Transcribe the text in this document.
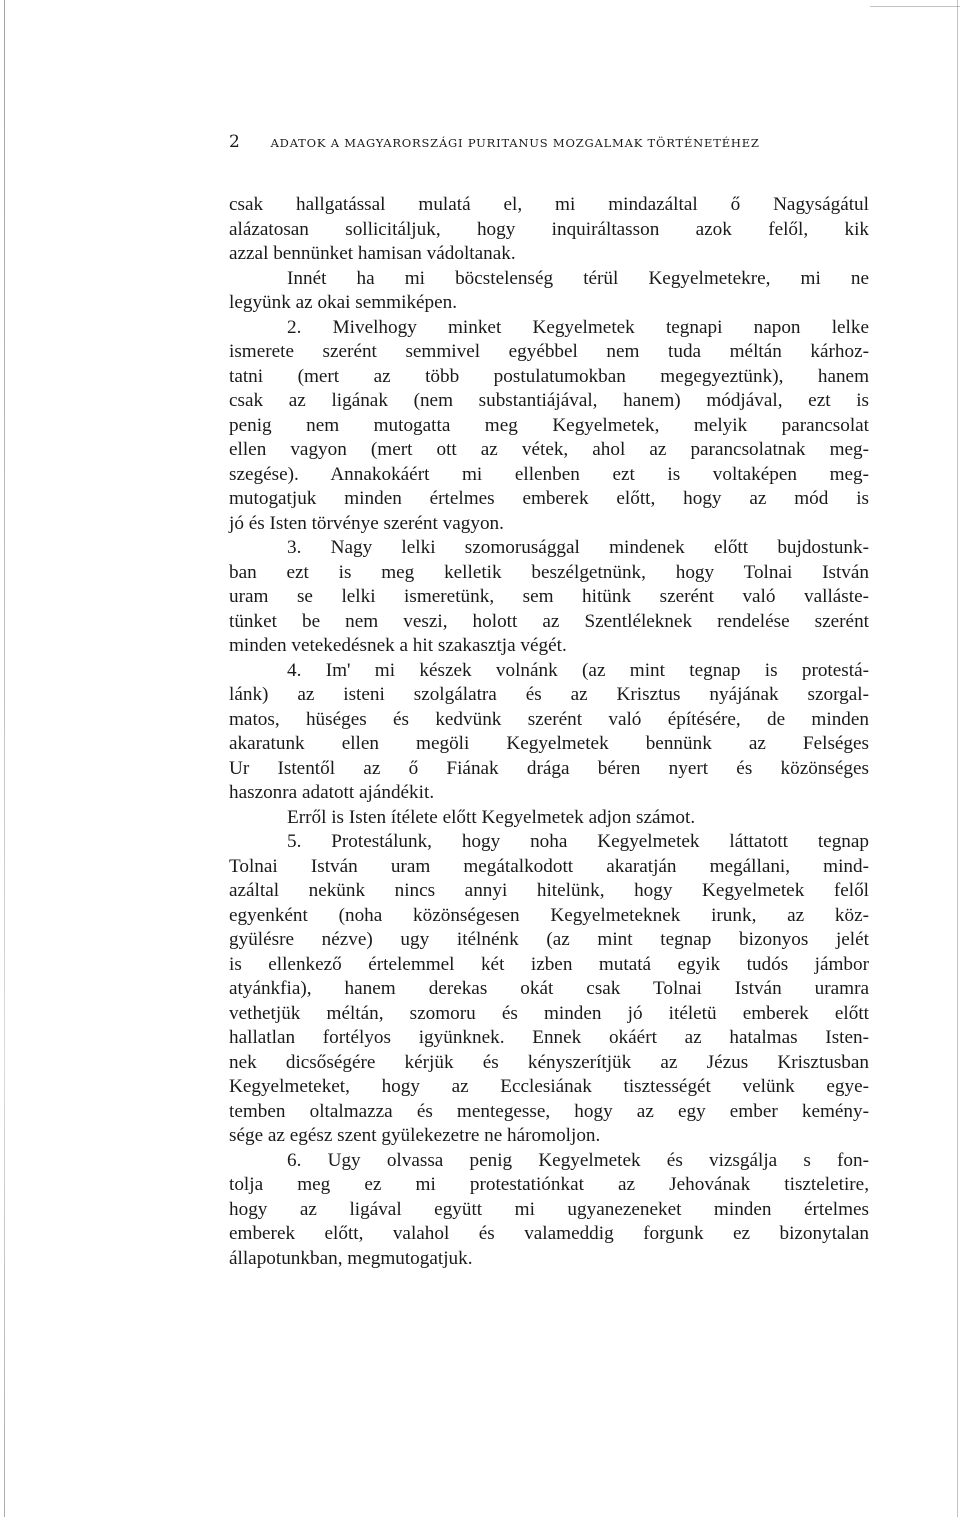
2	ADATOK A MAGYARORSZÁGI PURITANUS MOZGALMAK TÖRTÉNETÉHEZ
csak hallgatással mulatá el, mi mindazáltal ő Nagyságátul
alázatosan sollicitáljuk, hogy inquiráltasson azok felől, kik
azzal bennünket hamisan vádoltanak.
Innét ha mi böcstelenség térül Kegyelmetekre, mi ne
legyünk az okai semmiképen.
2. Mivelhogy minket Kegyelmetek tegnapi napon lelke
ismerete szerént semmivel egyébbel nem tuda méltán kárhoz-
tatni (mert az több postulatumokban megegyeztünk), hanem
csak az ligának (nem substantiájával, hanem) módjával, ezt is
penig nem mutogatta meg Kegyelmetek, melyik parancsolat
ellen vagyon (mert ott az vétek, ahol az parancsolatnak meg-
szegése). Annakokáért mi ellenben ezt is voltaképen meg-
mutogatjuk minden értelmes emberek előtt, hogy az mód is
jó és Isten törvénye szerént vagyon.
3. Nagy lelki szomorusággal mindenek előtt bujdostunk-
ban ezt is meg kelletik beszélgetnünk, hogy Tolnai István
uram se lelki ismeretünk, sem hitünk szerént való valláste-
tünket be nem veszi, holott az Szentléleknek rendelése szerént
minden vetekedésnek a hit szakasztja végét.
4. Im' mi készek volnánk (az mint tegnap is protestá-
lánk) az isteni szolgálatra és az Krisztus nyájának szorgal-
matos, hüséges és kedvünk szerént való építésére, de minden
akaratunk ellen megöli Kegyelmetek bennünk az Felséges
Ur Istentől az ő Fiának drága béren nyert és közönséges
haszonra adatott ajándékit.
Erről is Isten ítélete előtt Kegyelmetek adjon számot.
5. Protestálunk, hogy noha Kegyelmetek láttatott tegnap
Tolnai István uram megátalkodott akaratján megállani, mind-
azáltal nekünk nincs annyi hitelünk, hogy Kegyelmetek felől
egyenként (noha közönségesen Kegyelmeteknek irunk, az köz-
gyülésre nézve) ugy itélnénk (az mint tegnap bizonyos jelét
is ellenkező értelemmel két izben mutatá egyik tudós jámbor
atyánkfia), hanem derekas okát csak Tolnai István uramra
vethetjük méltán, szomoru és minden jó itéletü emberek előtt
hallatlan fortélyos igyünknek. Ennek okáért az hatalmas Isten-
nek dicsőségére kérjük és kényszerítjük az Jézus Krisztusban
Kegyelmeteket, hogy az Ecclesiának tisztességét velünk egye-
temben oltalmazza és mentegesse, hogy az egy ember kemény-
sége az egész szent gyülekezetre ne háromoljon.
6. Ugy olvassa penig Kegyelmetek és vizsgálja s fon-
tolja meg ez mi protestatiónkat az Jehovának tiszteletire,
hogy az ligával együtt mi ugyanezeneket minden értelmes
emberek előtt, valahol és valameddig forgunk ez bizonytalan
állapotunkban, megmutogatjuk.
